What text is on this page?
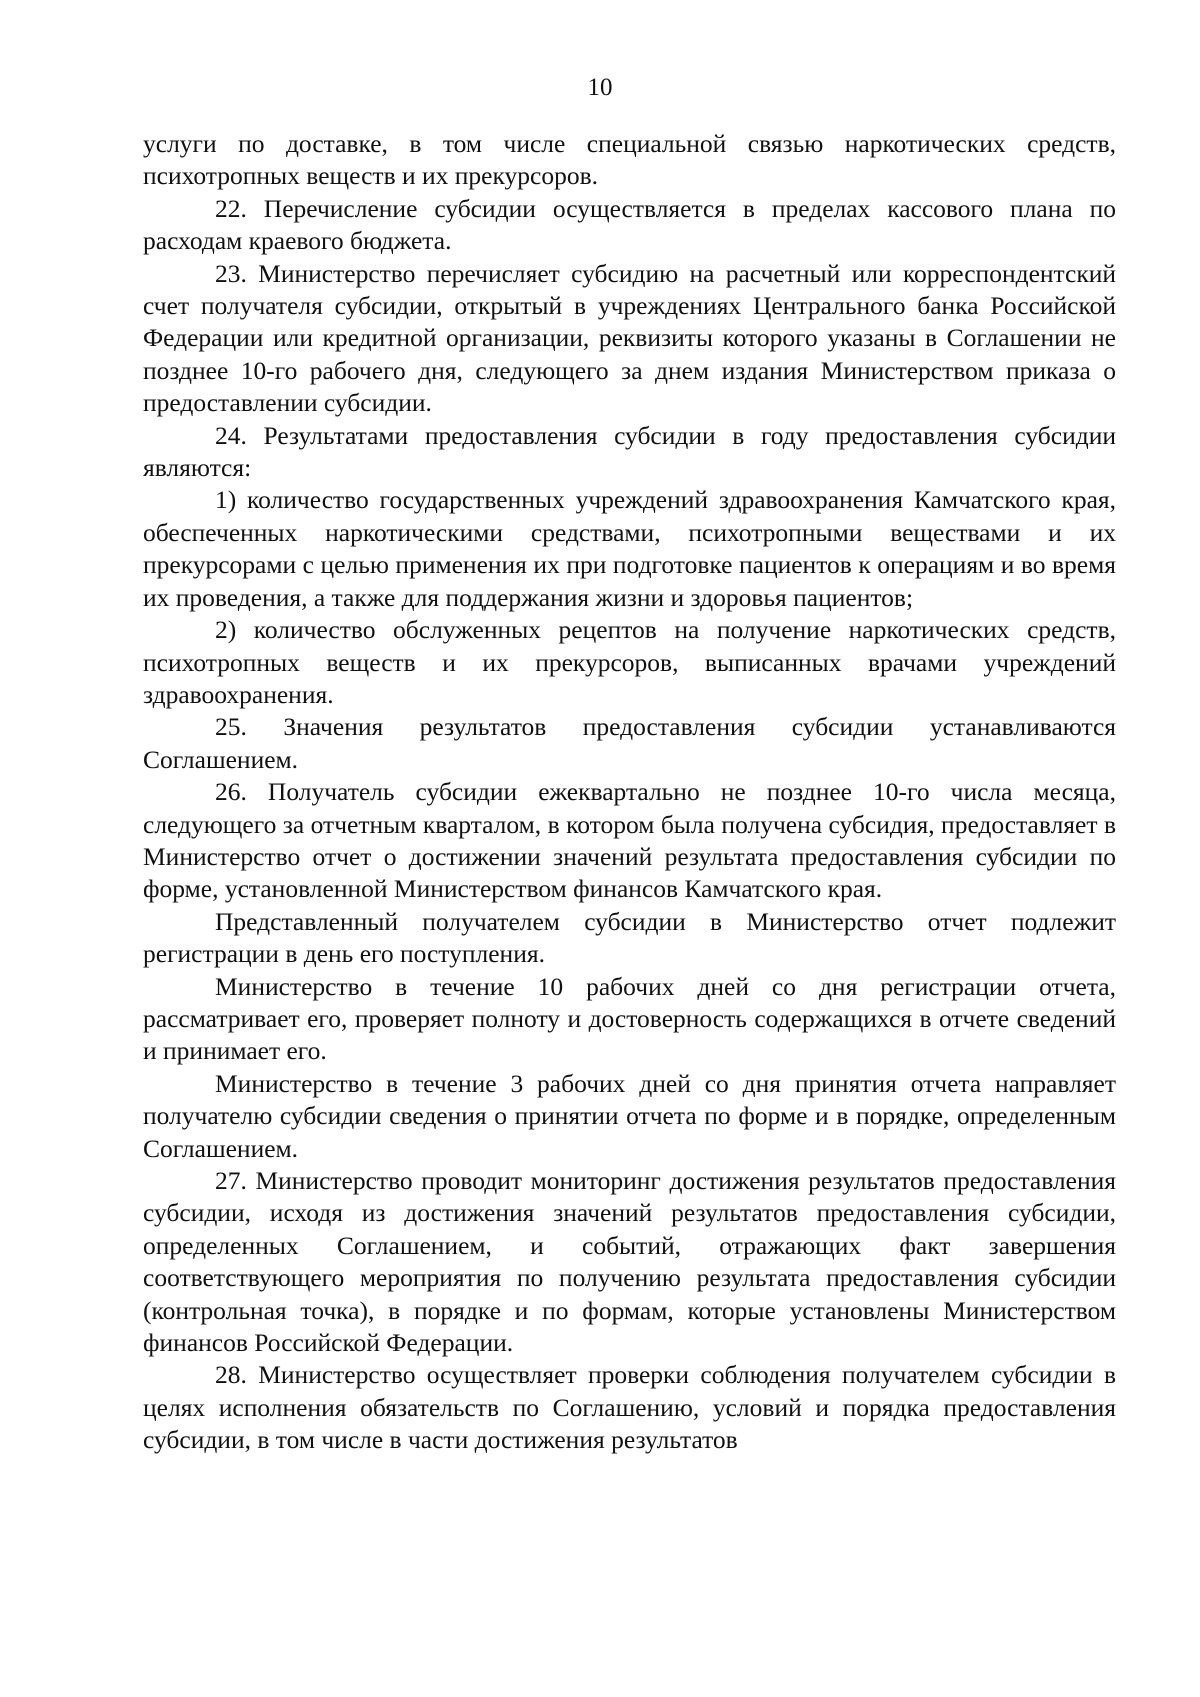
10

услуги по доставке, в том числе специальной связью наркотических средств, психотропных веществ и их прекурсоров.

22. Перечисление субсидии осуществляется в пределах кассового плана по расходам краевого бюджета.

23. Министерство перечисляет субсидию на расчетный или корреспондентский счет получателя субсидии, открытый в учреждениях Центрального банка Российской Федерации или кредитной организации, реквизиты которого указаны в Соглашении не позднее 10-го рабочего дня, следующего за днем издания Министерством приказа о предоставлении субсидии.

24. Результатами предоставления субсидии в году предоставления субсидии являются:

1) количество государственных учреждений здравоохранения Камчатского края, обеспеченных наркотическими средствами, психотропными веществами и их прекурсорами с целью применения их при подготовке пациентов к операциям и во время их проведения, а также для поддержания жизни и здоровья пациентов;

2) количество обслуженных рецептов на получение наркотических средств, психотропных веществ и их прекурсоров, выписанных врачами учреждений здравоохранения.

25. Значения результатов предоставления субсидии устанавливаются Соглашением.

26. Получатель субсидии ежеквартально не позднее 10-го числа месяца, следующего за отчетным кварталом, в котором была получена субсидия, предоставляет в Министерство отчет о достижении значений результата предоставления субсидии по форме, установленной Министерством финансов Камчатского края.

Представленный получателем субсидии в Министерство отчет подлежит регистрации в день его поступления.

Министерство в течение 10 рабочих дней со дня регистрации отчета, рассматривает его, проверяет полноту и достоверность содержащихся в отчете сведений и принимает его.

Министерство в течение 3 рабочих дней со дня принятия отчета направляет получателю субсидии сведения о принятии отчета по форме и в порядке, определенным Соглашением.

27. Министерство проводит мониторинг достижения результатов предоставления субсидии, исходя из достижения значений результатов предоставления субсидии, определенных Соглашением, и событий, отражающих факт завершения соответствующего мероприятия по получению результата предоставления субсидии (контрольная точка), в порядке и по формам, которые установлены Министерством финансов Российской Федерации.

28. Министерство осуществляет проверки соблюдения получателем субсидии в целях исполнения обязательств по Соглашению, условий и порядка предоставления субсидии, в том числе в части достижения результатов
